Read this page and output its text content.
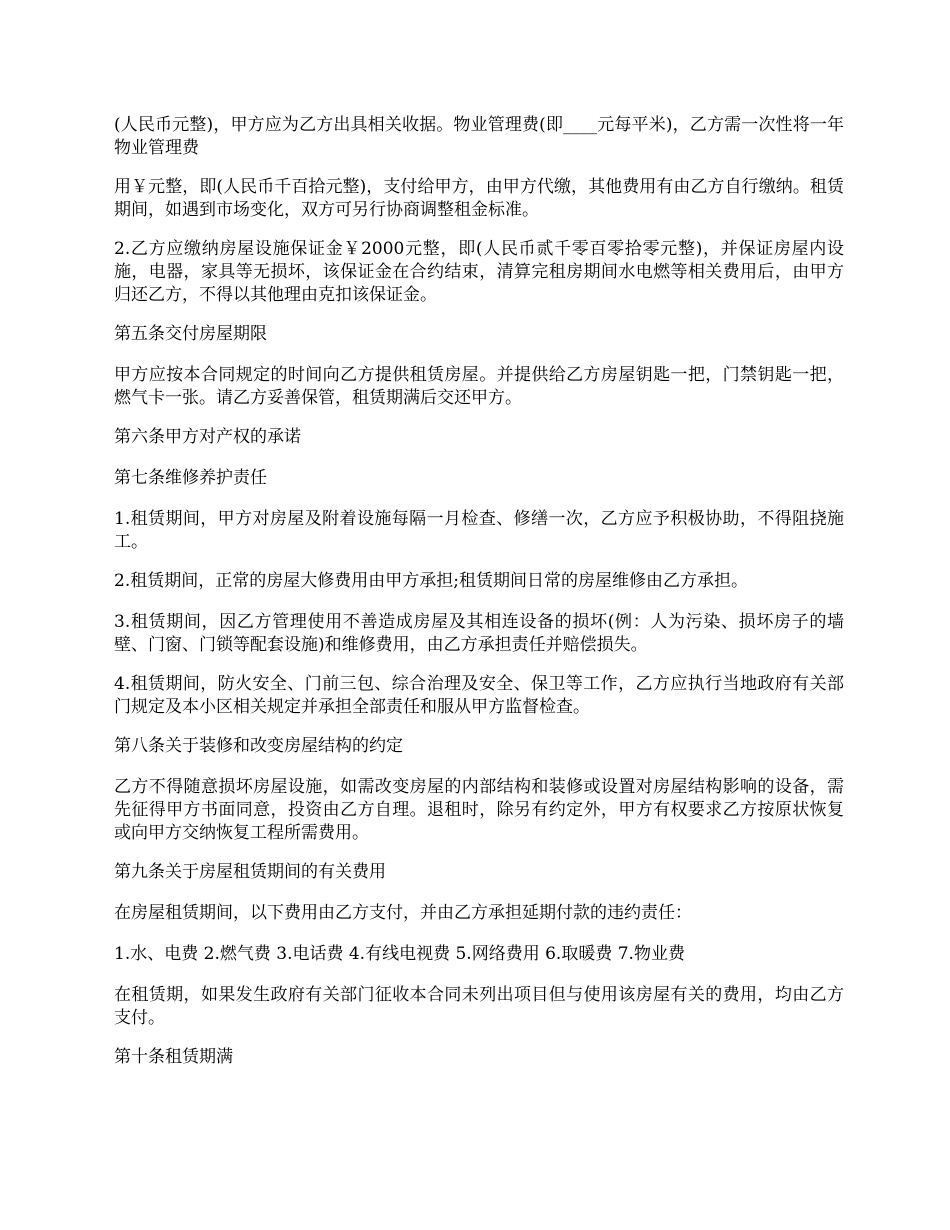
(人民币元整)，甲方应为乙方出具相关收据。物业管理费(即____元每平米)，乙方需一次性将一年物业管理费

用￥元整，即(人民币千百拾元整)，支付给甲方，由甲方代缴，其他费用有由乙方自行缴纳。租赁期间，如遇到市场变化，双方可另行协商调整租金标准。

2.乙方应缴纳房屋设施保证金￥2000元整，即(人民币贰千零百零拾零元整)，并保证房屋内设施，电器，家具等无损坏，该保证金在合约结束，清算完租房期间水电燃等相关费用后，由甲方归还乙方，不得以其他理由克扣该保证金。

第五条交付房屋期限

甲方应按本合同规定的时间向乙方提供租赁房屋。并提供给乙方房屋钥匙一把，门禁钥匙一把，燃气卡一张。请乙方妥善保管，租赁期满后交还甲方。

第六条甲方对产权的承诺

第七条维修养护责任

1.租赁期间，甲方对房屋及附着设施每隔一月检查、修缮一次，乙方应予积极协助，不得阻挠施工。

2.租赁期间，正常的房屋大修费用由甲方承担;租赁期间日常的房屋维修由乙方承担。

3.租赁期间，因乙方管理使用不善造成房屋及其相连设备的损坏(例：人为污染、损坏房子的墙壁、门窗、门锁等配套设施)和维修费用，由乙方承担责任并赔偿损失。

4.租赁期间，防火安全、门前三包、综合治理及安全、保卫等工作，乙方应执行当地政府有关部门规定及本小区相关规定并承担全部责任和服从甲方监督检查。

第八条关于装修和改变房屋结构的约定

乙方不得随意损坏房屋设施，如需改变房屋的内部结构和装修或设置对房屋结构影响的设备，需先征得甲方书面同意，投资由乙方自理。退租时，除另有约定外，甲方有权要求乙方按原状恢复或向甲方交纳恢复工程所需费用。

第九条关于房屋租赁期间的有关费用

在房屋租赁期间，以下费用由乙方支付，并由乙方承担延期付款的违约责任：

1.水、电费 2.燃气费 3.电话费 4.有线电视费 5.网络费用 6.取暖费 7.物业费

在租赁期，如果发生政府有关部门征收本合同未列出项目但与使用该房屋有关的费用，均由乙方支付。

第十条租赁期满
